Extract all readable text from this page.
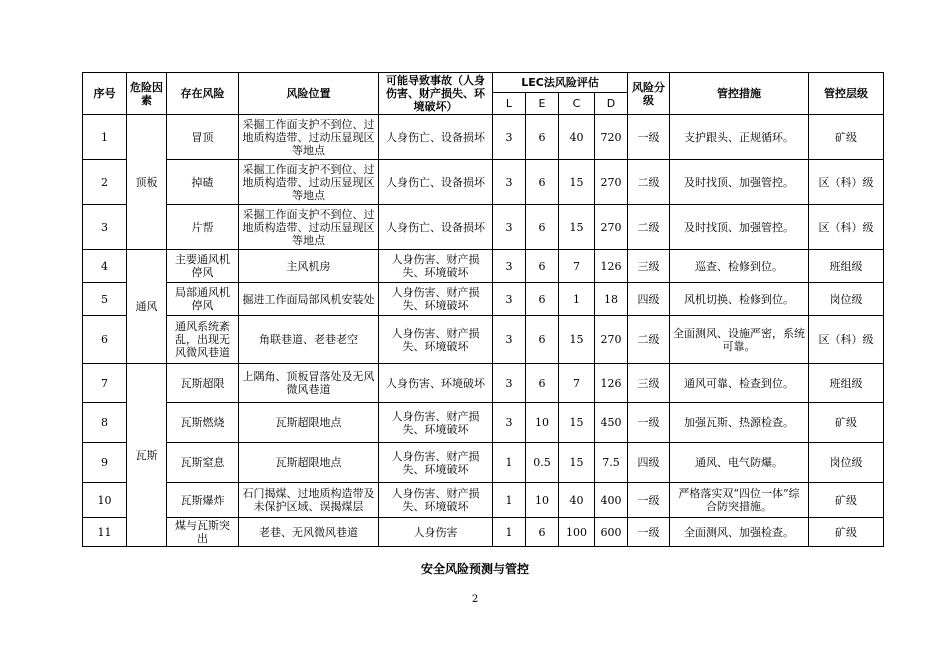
序号	危险因素	存在风险	风险位置	可能导致事故（人身伤害、财产损失、环境破坏）	LEC法风险评估				风险分级	管控措施	管控层级
					L	E	C	D			
1	顶板	冒顶	采掘工作面支护不到位、过地质构造带、过动压显现区等地点	人身伤亡、设备损坏	3	6	40	720	一级	支护跟头、正规循环。	矿级
2		掉碴	采掘工作面支护不到位、过地质构造带、过动压显现区等地点	人身伤亡、设备损坏	3	6	15	270	二级	及时找顶、加强管控。	区（科）级
3		片帮	采掘工作面支护不到位、过地质构造带、过动压显现区等地点	人身伤亡、设备损坏	3	6	15	270	二级	及时找顶、加强管控。	区（科）级
4	通风	主要通风机停风	主风机房	人身伤害、财产损失、环境破坏	3	6	7	126	三级	巡查、检修到位。	班组级
5		局部通风机停风	掘进工作面局部风机安装处	人身伤害、财产损失、环境破坏	3	6	1	18	四级	风机切换、检修到位。	岗位级
6		通风系统紊乱，出现无风微风巷道	角联巷道、老巷老空	人身伤害、财产损失、环境破坏	3	6	15	270	二级	全面测风、设施严密，系统可靠。	区（科）级
7	瓦斯	瓦斯超限	上隅角、顶板冒落处及无风微风巷道	人身伤害、环境破坏	3	6	7	126	三级	通风可靠、检查到位。	班组级
8		瓦斯燃烧	瓦斯超限地点	人身伤害、财产损失、环境破坏	3	10	15	450	一级	加强瓦斯、热源检查。	矿级
9		瓦斯窒息	瓦斯超限地点	人身伤害、财产损失、环境破坏	1	0.5	15	7.5	四级	通风、电气防爆。	岗位级
10		瓦斯爆炸	石门揭煤、过地质构造带及未保护区域、误揭煤层	人身伤害、财产损失、环境破坏	1	10	40	400	一级	严格落实双“四位一体”综合防突措施。	矿级
11		煤与瓦斯突出	老巷、无风微风巷道	人身伤害	1	6	100	600	一级	全面测风、加强检查。	矿级
安全风险预测与管控
2
